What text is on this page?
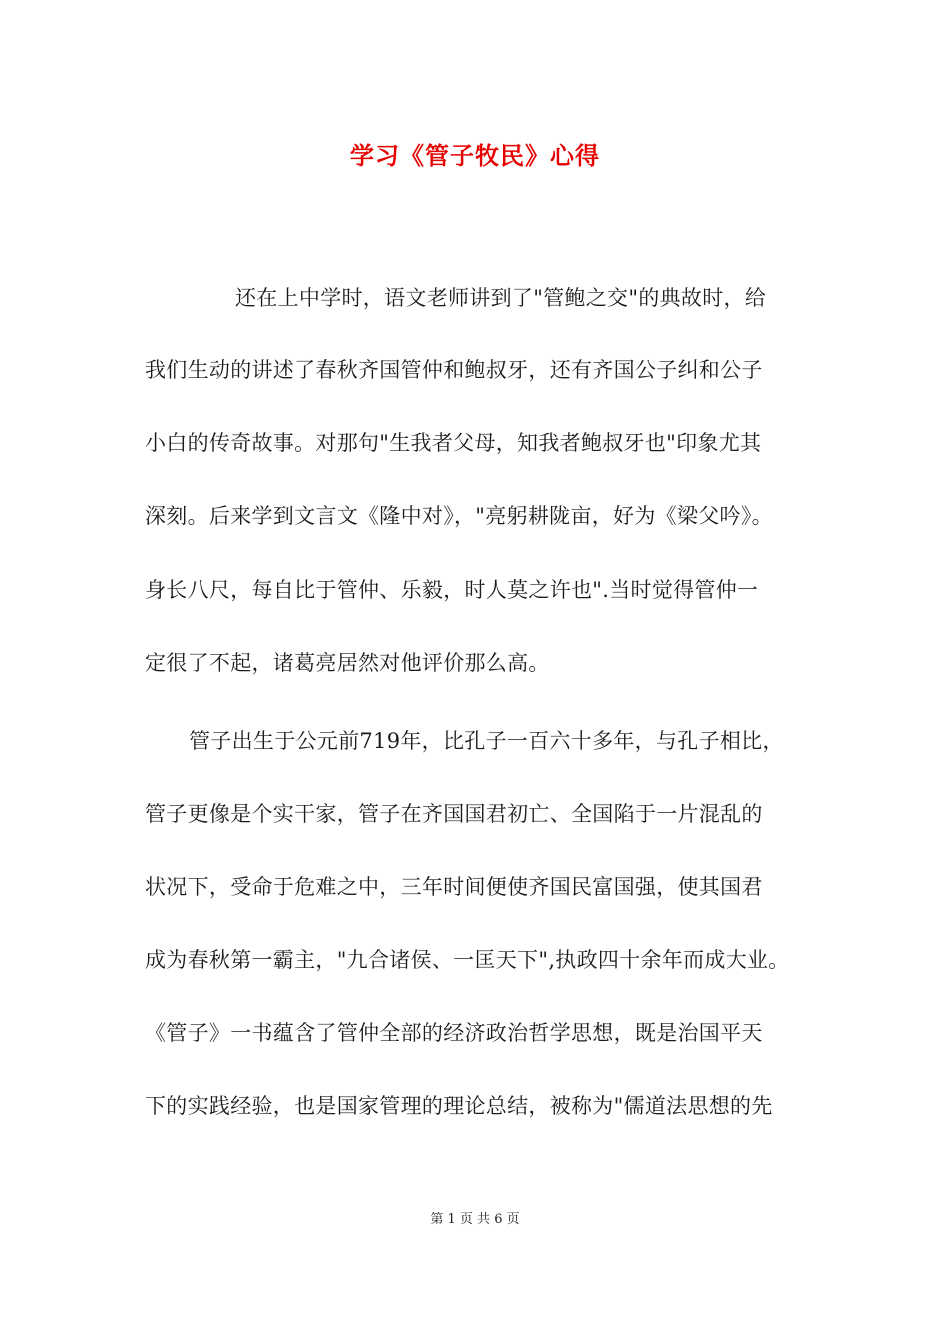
学习《管子牧民》心得
还在上中学时，语文老师讲到了"管鲍之交"的典故时，给
我们生动的讲述了春秋齐国管仲和鲍叔牙，还有齐国公子纠和公子
小白的传奇故事。对那句"生我者父母，知我者鲍叔牙也"印象尤其
深刻。后来学到文言文《隆中对》，"亮躬耕陇亩，好为《梁父吟》。
身长八尺，每自比于管仲、乐毅，时人莫之许也".当时觉得管仲一
定很了不起，诸葛亮居然对他评价那么高。
管子出生于公元前719年，比孔子一百六十多年，与孔子相比，
管子更像是个实干家，管子在齐国国君初亡、全国陷于一片混乱的
状况下，受命于危难之中，三年时间便使齐国民富国强，使其国君
成为春秋第一霸主，"九合诸侯、一匡天下",执政四十余年而成大业。
《管子》一书蕴含了管仲全部的经济政治哲学思想，既是治国平天
下的实践经验，也是国家管理的理论总结，被称为"儒道法思想的先
第 1 页 共 6 页
